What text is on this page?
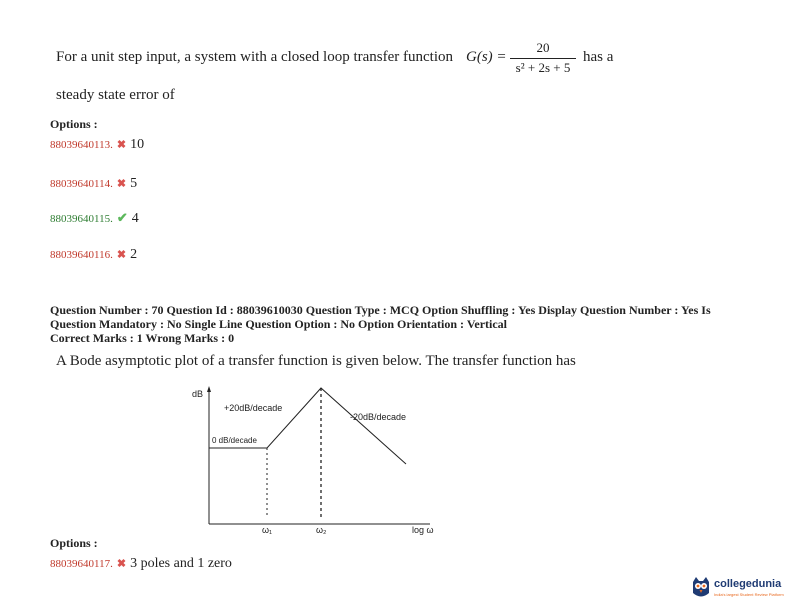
For a unit step input, a system with a closed loop transfer function G(s) =
20
s² + 2s + 5
has a
steady state error of
Options :
88039640113. ✖ 10
88039640114. ✖ 5
88039640115. ✔ 4
88039640116. ✖ 2
Question Number : 70 Question Id : 88039610030 Question Type : MCQ Option Shuffling : Yes Display Question Number : Yes Is
Question Mandatory : No Single Line Question Option : No Option Orientation : Vertical
Correct Marks : 1 Wrong Marks : 0
A Bode asymptotic plot of a transfer function is given below. The transfer function has
dB
+20dB/decade
-20dB/decade
0 dB/decade
ω₁	ω₂	log ω
Options :
88039640117. ✖ 3 poles and 1 zero
collegedunia
India's largest Student Review Platform
